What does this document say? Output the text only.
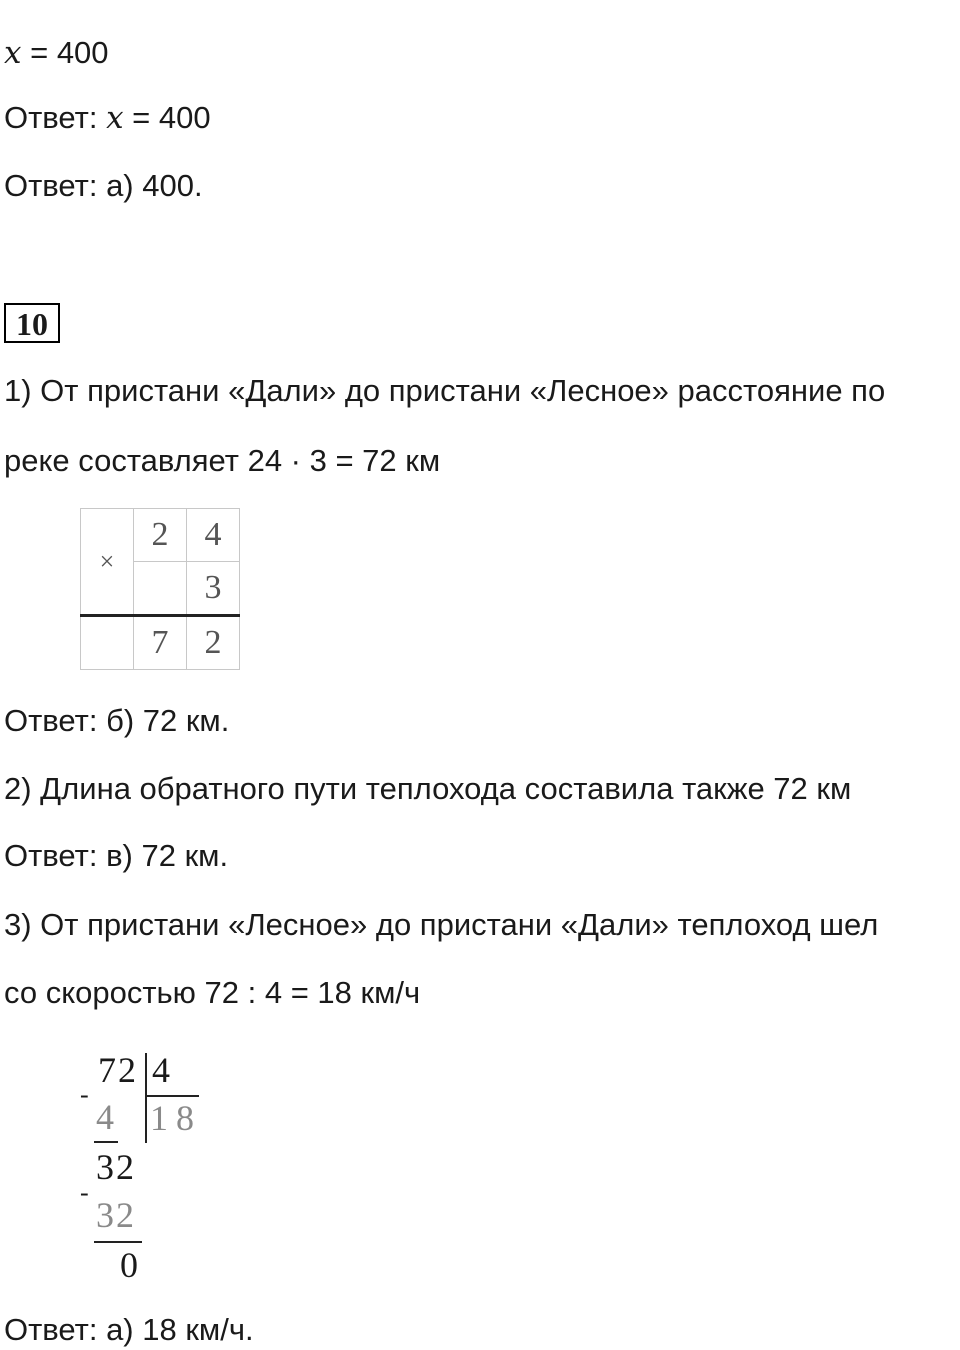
x = 400
Ответ: x = 400
Ответ: а) 400.
10
1) От пристани «Дали» до пристани «Лесное» расстояние по
реке составляет 24 · 3 = 72 км
×	2	4
		3
	7	2
Ответ: б) 72 км.
2) Длина обратного пути теплохода составила также 72 км
Ответ: в) 72 км.
3) От пристани «Лесное» до пристани «Дали» теплоход шел
со скоростью 72 : 4 = 18 км/ч
72 4
18
-
4
32
-
32
0
Ответ: а) 18 км/ч.
